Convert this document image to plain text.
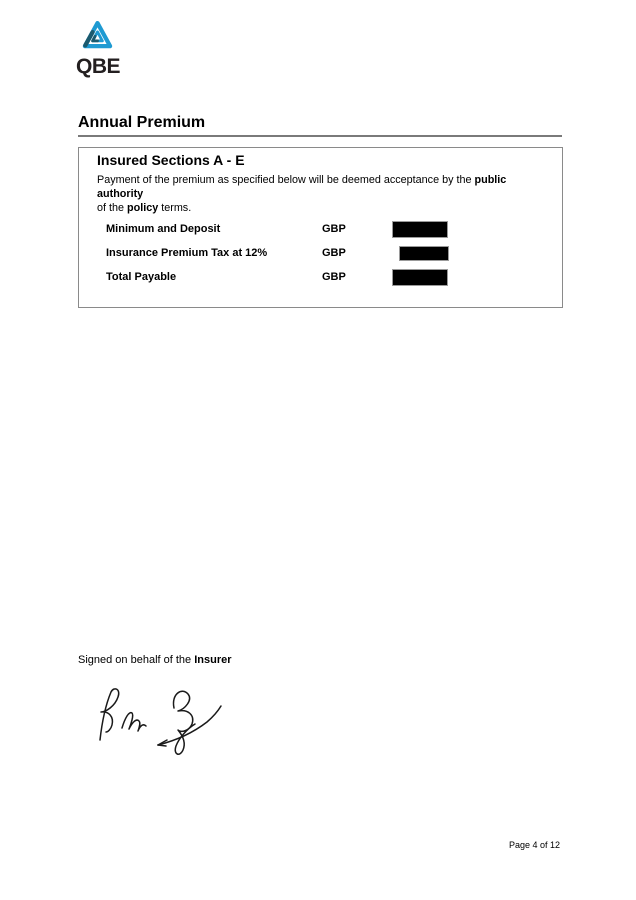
QBE
Annual Premium
Insured Sections A - E
Payment of the premium as specified below will be deemed acceptance by the public authority
of the policy terms.
Minimum and Deposit	GBP
Insurance Premium Tax at 12%	GBP
Total Payable	GBP
Signed on behalf of the Insurer
Page 4 of 12
